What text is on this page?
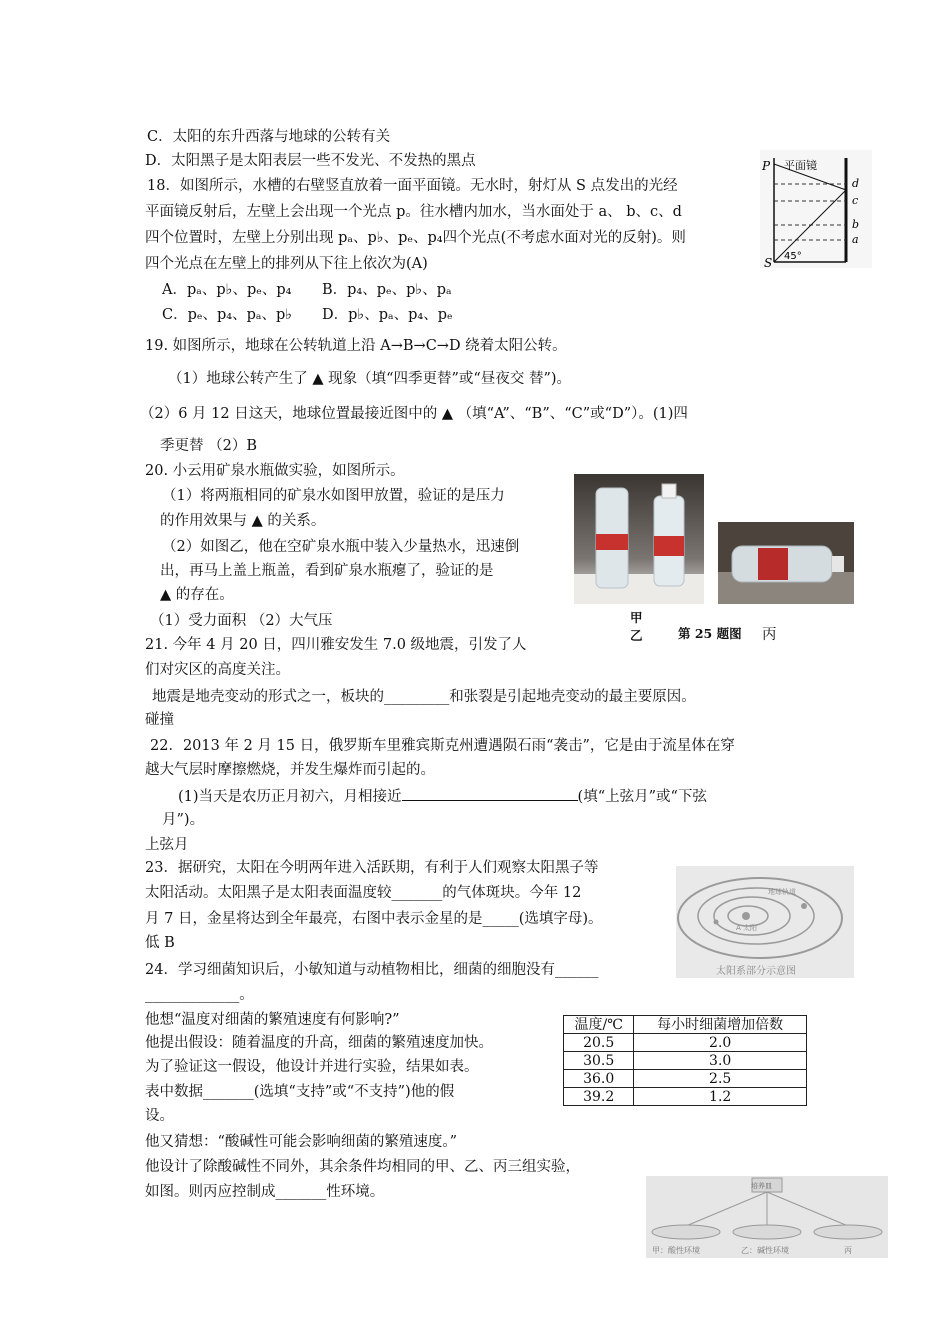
C．太阳的东升西落与地球的公转有关
D．太阳黑子是太阳表层一些不发光、不发热的黑点
18．如图所示，水槽的右壁竖直放着一面平面镜。无水时，射灯从 S 点发出的光经
平面镜反射后，左壁上会出现一个光点 p。往水槽内加水，当水面处于 a、 b、c、d
四个位置时，左壁上分别出现 pₐ、p♭、pₑ、p₄四个光点(不考虑水面对光的反射)。则
四个光点在左壁上的排列从下往上依次为(A)
A．pₐ、p♭、pₑ、p₄ B．p₄、pₑ、p♭、pₐ
C．pₑ、p₄、pₐ、p♭ D．p♭、pₐ、p₄、pₑ
19. 如图所示，地球在公转轨道上沿 A→B→C→D 绕着太阳公转。
（1）地球公转产生了 ▲ 现象（填“四季更替”或“昼夜交 替”)。
（2）6 月 12 日这天，地球位置最接近图中的 ▲ （填“A”、“B”、“C”或“D”）。(1)四
季更替 （2）B
20. 小云用矿泉水瓶做实验，如图所示。
（1）将两瓶相同的矿泉水如图甲放置，验证的是压力
的作用效果与 ▲ 的关系。
（2）如图乙，他在空矿泉水瓶中装入少量热水，迅速倒
出，再马上盖上瓶盖，看到矿泉水瓶瘪了，验证的是
▲ 的存在。
（1）受力面积 （2）大气压
21. 今年 4 月 20 日，四川雅安发生 7.0 级地震，引发了人
们对灾区的高度关注。
地震是地壳变动的形式之一，板块的_________和张裂是引起地壳变动的最主要原因。
碰撞
22．2013 年 2 月 15 日，俄罗斯车里雅宾斯克州遭遇陨石雨“袭击”，它是由于流星体在穿
越大气层时摩擦燃烧，并发生爆炸而引起的。
(1)当天是农历正月初六，月相接近	(填“上弦月”或“下弦
月”)。
上弦月
23．据研究，太阳在今明两年进入活跃期，有利于人们观察太阳黑子等
太阳活动。太阳黑子是太阳表面温度较_______的气体斑块。今年 12
月 7 日，金星将达到全年最亮，右图中表示金星的是_____(选填字母)。
低 B
24．学习细菌知识后，小敏知道与动植物相比，细菌的细胞没有______
_____________。
他想“温度对细菌的繁殖速度有何影响?”
他提出假设：随着温度的升高，细菌的繁殖速度加快。
为了验证这一假设，他设计并进行实验，结果如表。
表中数据_______(选填“支持”或“不支持”)他的假
设。
他又猜想：“酸碱性可能会影响细菌的繁殖速度。”
他设计了除酸碱性不同外，其余条件均相同的甲、乙、丙三组实验，
如图。则丙应控制成_______性环境。
P 平面镜
d
c
b
a
S 45°
甲
乙	第 25 题图 丙
A 太阳
地球轨道
太阳系部分示意图
温度/℃	每小时细菌增加倍数
20.5	2.0
30.5	3.0
36.0	2.5
39.2	1.2
培养皿
甲：酸性环境	乙：碱性环境	丙
